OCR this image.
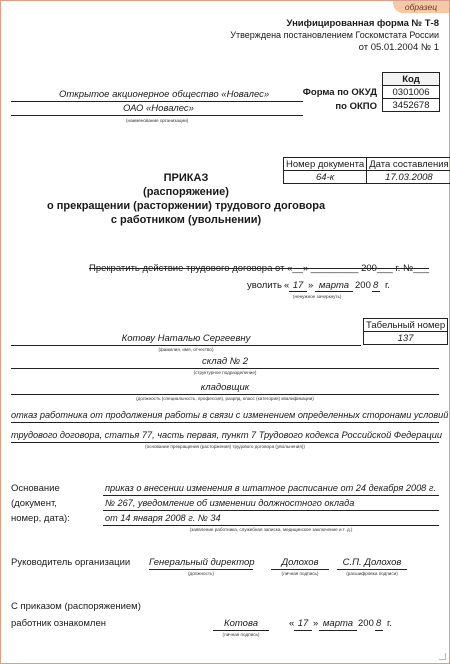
образец
Унифицированная форма № Т-8
Утверждена постановлением Госкомстата России
от 05.01.2004 № 1
Код
0301006
3452678
Форма по ОКУД
по ОКПО
Открытое акционерное общество «Новалес»
ОАО «Новалес»
(наименование организации)
Номер документа	Дата составления
64-к	17.03.2008
ПРИКАЗ
(распоряжение)
о прекращении (расторжении) трудового договора
с работником (увольнении)
Прекратить действие трудового договора от «__» _________ 200___ г. №___
уволить « 17 » марта 200 8 г.
(ненужное зачеркнуть)
Табельный номер
137
Котову Наталью Сергеевну
(фамилия, имя, отчество)
склад № 2
(структурное подразделение)
кладовщик
(должность (специальность, профессия), разряд, класс (категория) квалификации)
отказ работника от продолжения работы в связи с изменением определенных сторонами условий
трудового договора, статья 77, часть первая, пункт 7 Трудового кодекса Российской Федерации
(основание прекращения (расторжения) трудового договора (увольнения))
Основание
(документ,
номер, дата):
приказ о внесении изменения в штатное расписание от 24 декабря 2008 г.
№ 267, уведомление об изменении должностного оклада
от 14 января 2008 г. № 34
(заявление работника, служебная записка, медицинское заключение и т. д.)
Руководитель организации Генеральный директор
(должность)
Долохов
(личная подпись)
С.П. Долохов
(расшифровка подписи)
С приказом (распоряжением)
работник ознакомлен	Котова
(личная подпись)
« 17 » марта 200 8 г.
